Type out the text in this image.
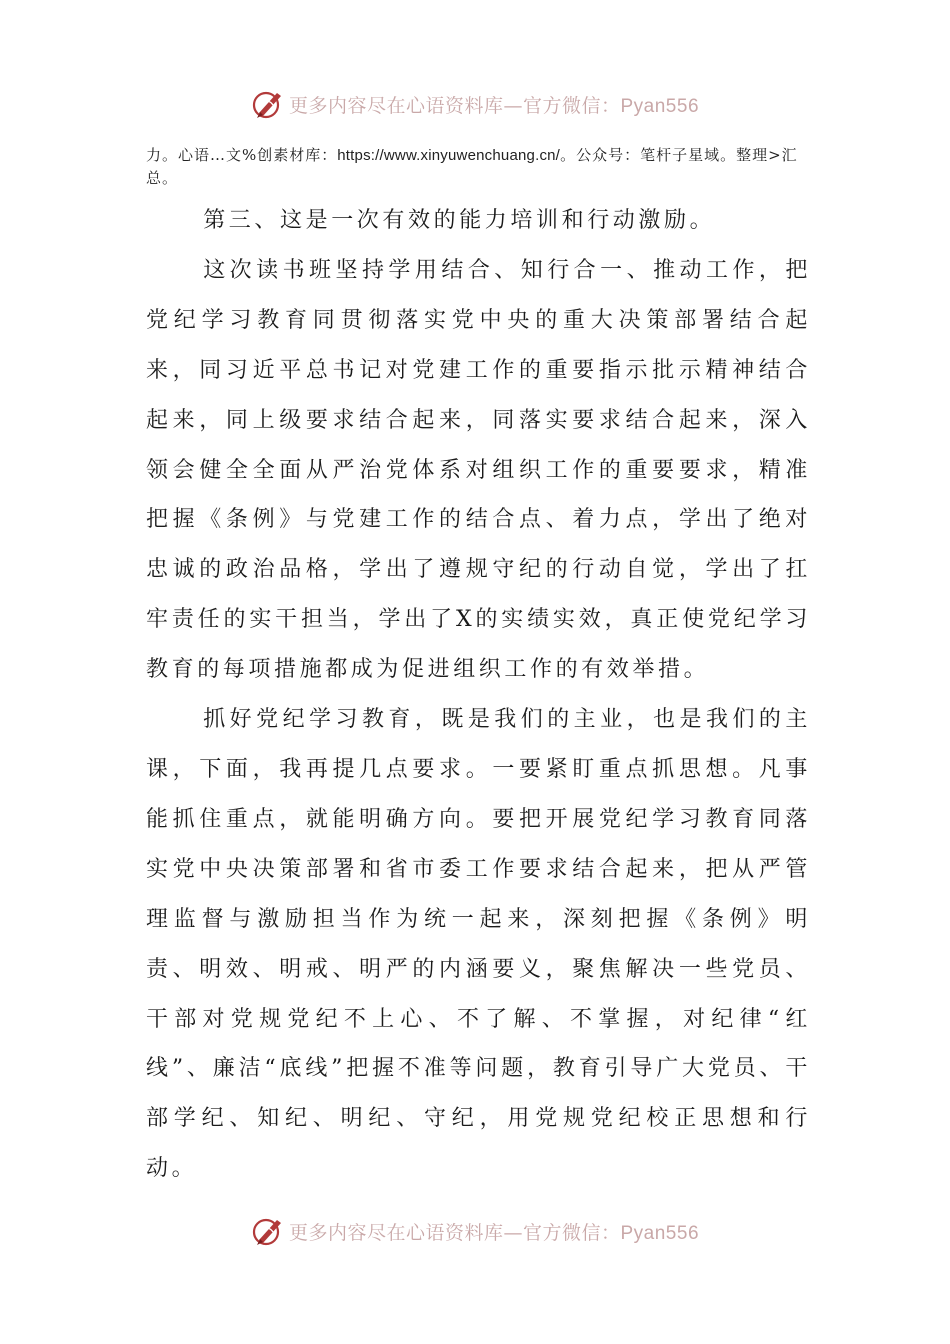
更多内容尽在心语资料库—官方微信：Pyan556
力。心语…文%创素材库：https://www.xinyuwenchuang.cn/。公众号：笔杆子星域。整理>汇总。

第三、这是一次有效的能力培训和行动激励。

这次读书班坚持学用结合、知行合一、推动工作，把党纪学习教育同贯彻落实党中央的重大决策部署结合起来，同习近平总书记对党建工作的重要指示批示精神结合起来，同上级要求结合起来，同落实要求结合起来，深入领会健全全面从严治党体系对组织工作的重要要求，精准把握《条例》与党建工作的结合点、着力点，学出了绝对忠诚的政治品格，学出了遵规守纪的行动自觉，学出了扛牢责任的实干担当，学出了X的实绩实效，真正使党纪学习教育的每项措施都成为促进组织工作的有效举措。

抓好党纪学习教育，既是我们的主业，也是我们的主课，下面，我再提几点要求。一要紧盯重点抓思想。凡事能抓住重点，就能明确方向。要把开展党纪学习教育同落实党中央决策部署和省市委工作要求结合起来，把从严管理监督与激励担当作为统一起来，深刻把握《条例》明责、明效、明戒、明严的内涵要义，聚焦解决一些党员、干部对党规党纪不上心、不了解、不掌握，对纪律“红线”、廉洁“底线”把握不准等问题，教育引导广大党员、干部学纪、知纪、明纪、守纪，用党规党纪校正思想和行动。

更多内容尽在心语资料库—官方微信：Pyan556
